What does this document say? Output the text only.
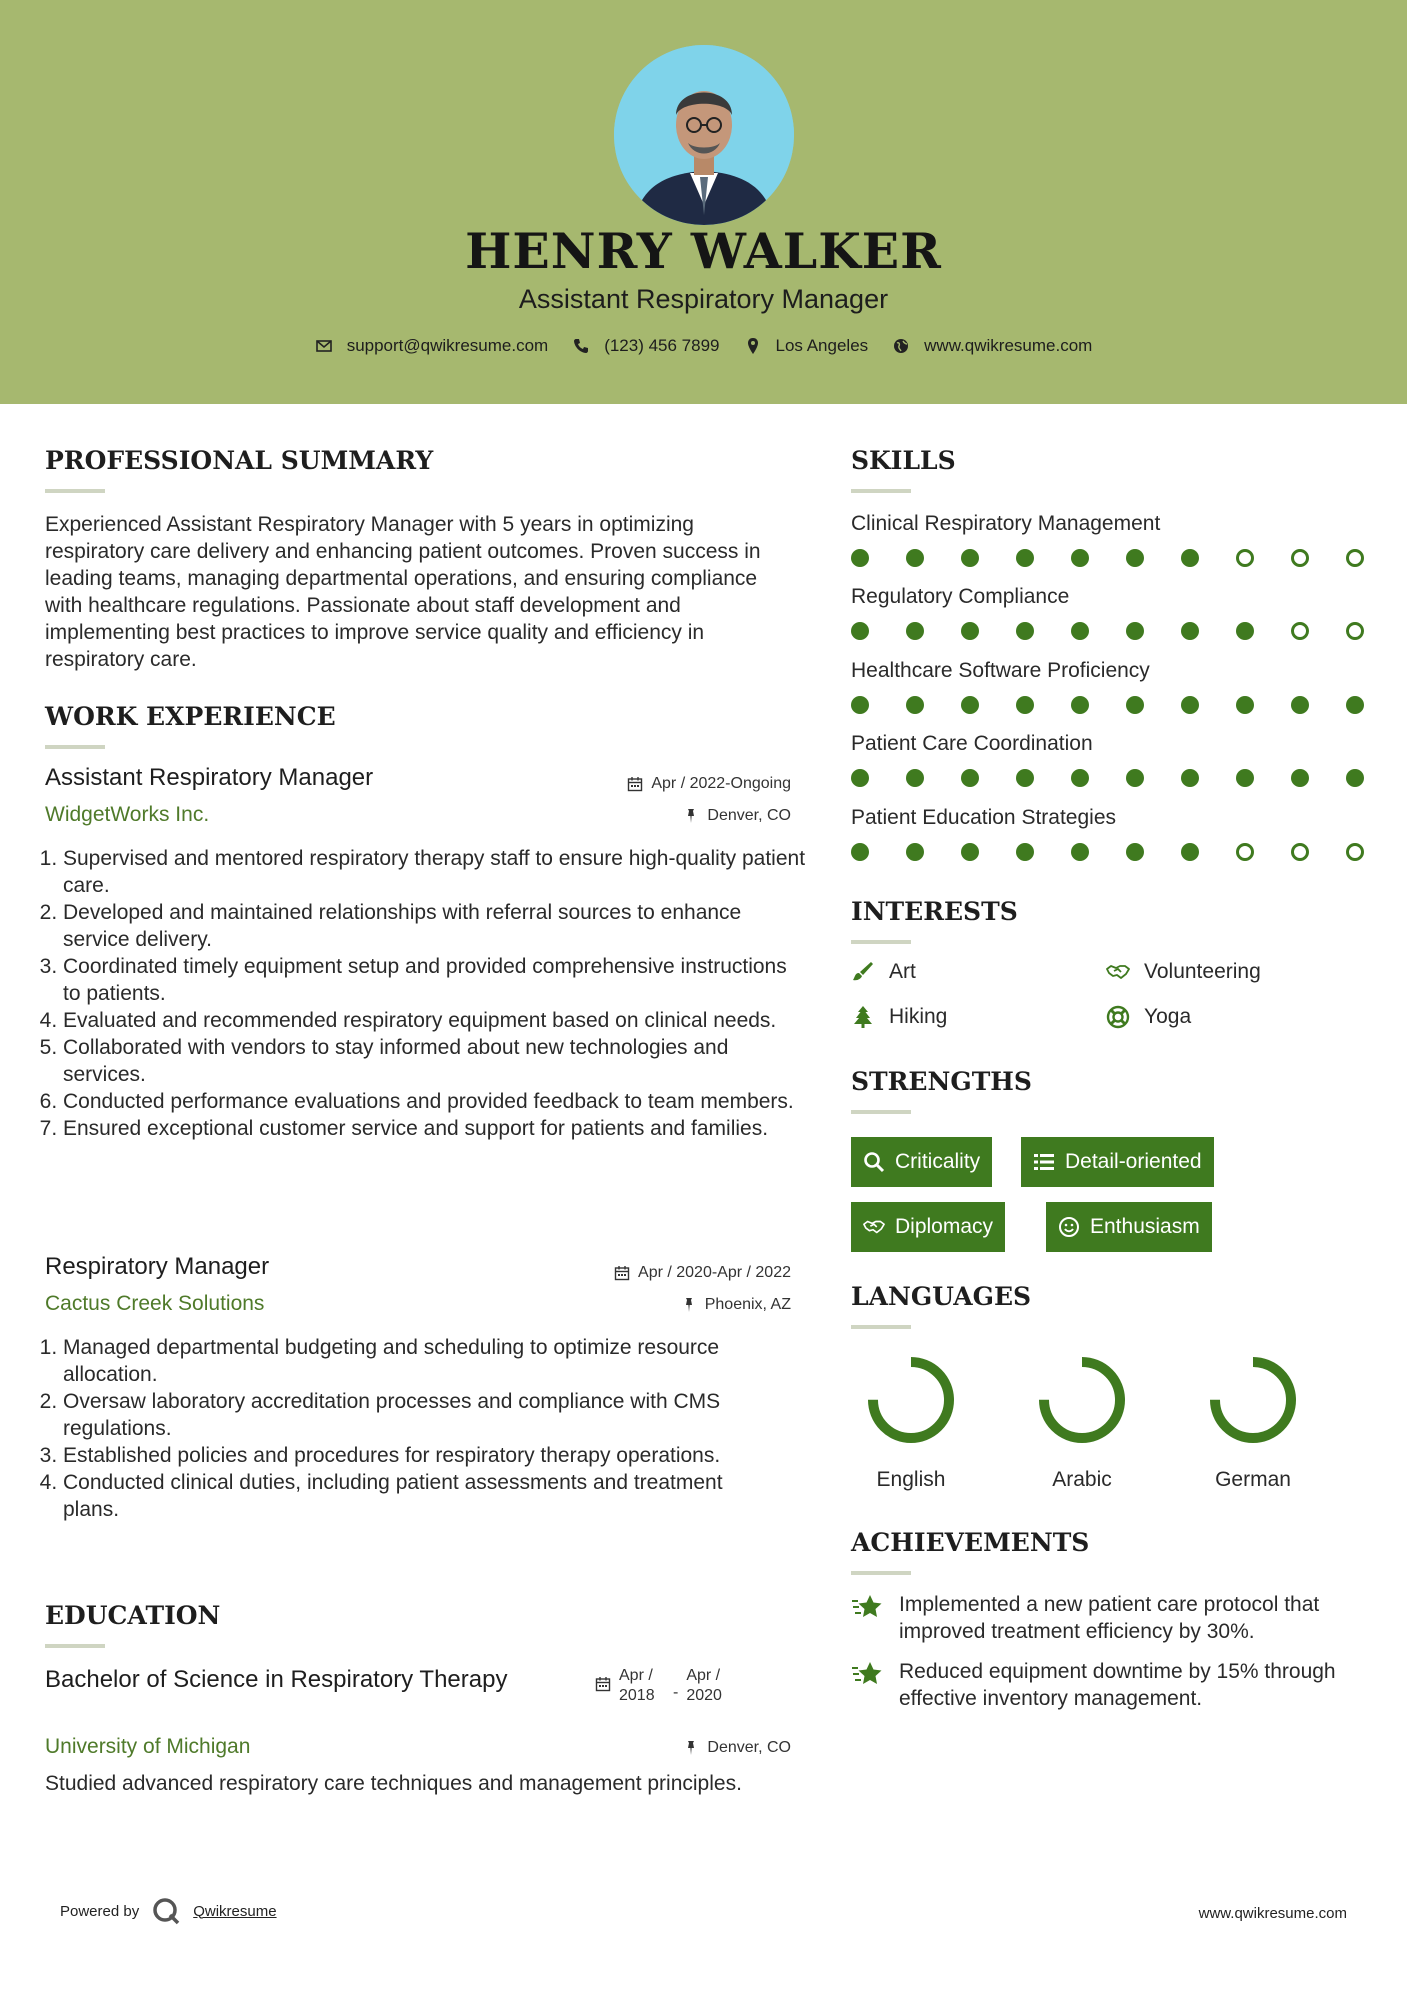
HENRY WALKER
Assistant Respiratory Manager
support@qwikresume.com	(123) 456 7899	Los Angeles	www.qwikresume.com
PROFESSIONAL SUMMARY
Experienced Assistant Respiratory Manager with 5 years in optimizing respiratory care delivery and enhancing patient outcomes. Proven success in leading teams, managing departmental operations, and ensuring compliance with healthcare regulations. Passionate about staff development and implementing best practices to improve service quality and efficiency in respiratory care.
WORK EXPERIENCE
Assistant Respiratory Manager	Apr / 2022-Ongoing
WidgetWorks Inc.	Denver, CO
1. Supervised and mentored respiratory therapy staff to ensure high-quality patient care.
2. Developed and maintained relationships with referral sources to enhance service delivery.
3. Coordinated timely equipment setup and provided comprehensive instructions to patients.
4. Evaluated and recommended respiratory equipment based on clinical needs.
5. Collaborated with vendors to stay informed about new technologies and services.
6. Conducted performance evaluations and provided feedback to team members.
7. Ensured exceptional customer service and support for patients and families.
Respiratory Manager	Apr / 2020-Apr / 2022
Cactus Creek Solutions	Phoenix, AZ
1. Managed departmental budgeting and scheduling to optimize resource allocation.
2. Oversaw laboratory accreditation processes and compliance with CMS regulations.
3. Established policies and procedures for respiratory therapy operations.
4. Conducted clinical duties, including patient assessments and treatment plans.
EDUCATION
Bachelor of Science in Respiratory Therapy	Apr / 2018	-
Apr / 2020
University of Michigan	Denver, CO
Studied advanced respiratory care techniques and management principles.
SKILLS
Clinical Respiratory Management
Regulatory Compliance
Healthcare Software Proficiency
Patient Care Coordination
Patient Education Strategies
INTERESTS
Art	Volunteering
Hiking	Yoga
STRENGTHS
Criticality	Detail-oriented
Diplomacy	Enthusiasm
LANGUAGES
English	Arabic	German
ACHIEVEMENTS
Implemented a new patient care protocol that improved treatment efficiency by 30%.
Reduced equipment downtime by 15% through effective inventory management.
Powered by	Qwikresume	www.qwikresume.com
